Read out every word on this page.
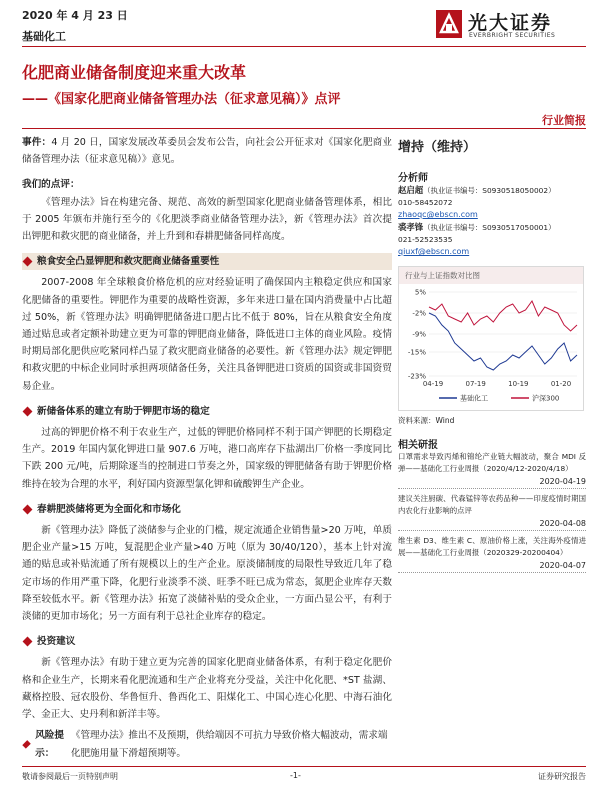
2020 年 4 月 23 日
基础化工
光大证券
EVERBRIGHT SECURITIES
化肥商业储备制度迎来重大改革
——《国家化肥商业储备管理办法（征求意见稿）》点评
行业简报

事件：4 月 20 日，国家发展改革委员会发布公告，向社会公开征求对《国家化肥商业储备管理办法（征求意见稿）》意见。

我们的点评：

《管理办法》旨在构建完备、规范、高效的新型国家化肥商业储备管理体系，相比于 2005 年颁布并施行至今的《化肥淡季商业储备管理办法》，新《管理办法》首次提出钾肥和救灾肥的商业储备，并上升到和春耕肥储备同样高度。

粮食安全凸显钾肥和救灾肥商业储备重要性

2007-2008 年全球粮食价格危机的应对经验证明了确保国内主粮稳定供应和国家化肥储备的重要性。钾肥作为重要的战略性资源，多年来进口量在国内消费量中占比超过 50%，新《管理办法》明确钾肥储备进口肥占比不低于 80%，旨在从粮食安全角度通过贴息或者定额补助建立更为可靠的钾肥商业储备，降低进口主体的商业风险。疫情时期局部化肥供应吃紧同样凸显了救灾肥商业储备的必要性。新《管理办法》规定钾肥和救灾肥的中标企业同时承担两项储备任务，关注具备钾肥进口资质的国资或非国资贸易企业。

新储备体系的建立有助于钾肥市场的稳定

过高的钾肥价格不利于农业生产，过低的钾肥价格同样不利于国产钾肥的长期稳定生产。2019 年国内氯化钾进口量 907.6 万吨，港口高库存下盐湖出厂价格一季度同比下跌 200 元/吨，后期除逐当的控制进口节奏之外，国家级的钾肥储备有助于钾肥价格维持在较为合理的水平，利好国内资源型氯化钾和硫酸钾生产企业。

春耕肥淡储将更为全面化和市场化

新《管理办法》降低了淡储参与企业的门槛，规定流通企业销售量>20 万吨，单质肥企业产量>15 万吨，复混肥企业产量>40 万吨（原为 30/40/120），基本上针对流通的贴息或补贴流通了所有规模以上的生产企业。原淡储制度的局限性导致近几年了稳定市场的作用严重下降，化肥行业淡季不淡、旺季不旺已成为常态，氮肥企业库存天数降至较低水平。新《管理办法》拓宽了淡储补贴的受众企业，一方面凸显公平，有利于淡储的更加市场化；另一方面有利于总社企业库存的稳定。

投资建议

新《管理办法》有助于建立更为完善的国家化肥商业储备体系，有利于稳定化肥价格和企业生产，长期来看化肥流通和生产企业将充分受益，关注中化化肥、*ST 盐湖、藏格控股、冠农股份、华鲁恒升、鲁西化工、阳煤化工、中国心连心化肥、中海石油化学、金正大、史丹利和新洋丰等。

风险提示：
《管理办法》推出不及预期，供给端因不可抗力导致价格大幅波动，需求端化肥施用量下滑超预期等。
增持（维持）
分析师
赵启超（执业证书编号：S0930518050002）
010-58452072
zhaoqc@ebscn.com
裘孝锋（执业证书编号：S0930517050001）
021-52523535
qiuxf@ebscn.com
行业与上证指数对比图
5%
-2%
-9%
-15%
-23%
04-19	07-19	10-19	01-20
基础化工	沪深300
资料来源：Wind
相关研报
口罩需求导致丙烯和锦纶产业链大幅波动，聚合 MDI 反弹——基础化工行业周报（2020/4/12-2020/4/18）
2020-04-19
建议关注厨碳、代森锰锌等农药品种——印度疫情时期国内农化行业影响的点评
2020-04-08
维生素 D3、维生素 C、原油价格上涨，关注海外疫情进展——基础化工行业周报（2020329-20200404）
2020-04-07
敬请参阅最后一页特别声明	-1-	证券研究报告
